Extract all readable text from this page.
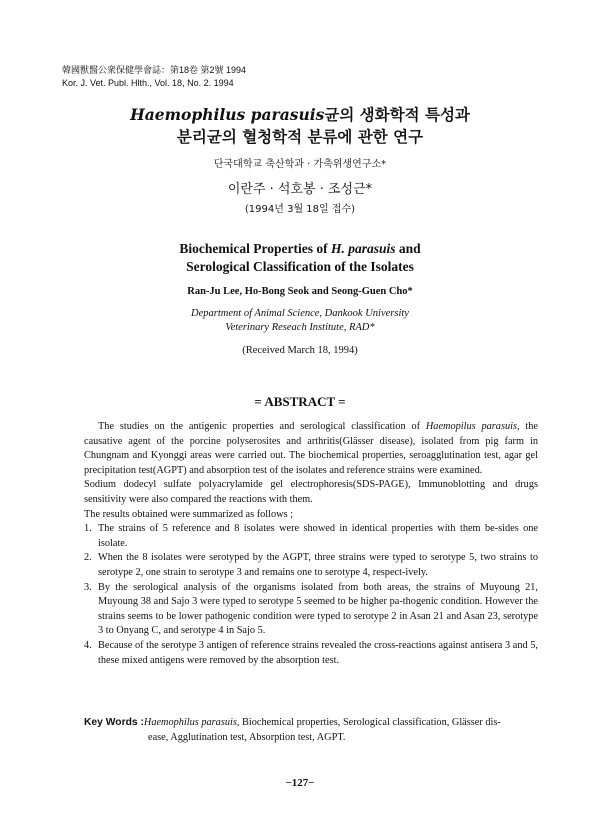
韓國獸醫公衆保健學會誌：第18卷 第2號 1994
Kor. J. Vet. Publ. Hlth., Vol. 18, No. 2. 1994
Haemophilus parasuis균의 생화학적 특성과
분리균의 혈청학적 분류에 관한 연구
단국대학교 축산학과 · 가축위생연구소*
이란주 · 석호봉 · 조성근*
(1994년 3월 18일 접수)
Biochemical Properties of H. parasuis and
Serological Classification of the Isolates
Ran-Ju Lee, Ho-Bong Seok and Seong-Guen Cho*
Department of Animal Science, Dankook University
Veterinary Reseach Institute, RAD*
(Received March 18, 1994)
= ABSTRACT =

The studies on the antigenic properties and serological classification of Haemopilus parasuis, the causative agent of the porcine polyserosites and arthritis(Glässer disease), isolated from pig farm in Chungnam and Kyonggi areas were carried out. The biochemical properties, seroagglutination test, agar gel precipitation test(AGPT) and absorption test of the isolates and reference strains were examined.

Sodium dodecyl sulfate polyacrylamide gel electrophoresis(SDS-PAGE), Immunoblotting and drugs sensitivity were also compared the reactions with them.

The results obtained were summarized as follows ;

1. The strains of 5 reference and 8 isolates were showed in identical properties with them be-sides one isolate.
2. When the 8 isolates were serotyped by the AGPT, three strains were typed to serotype 5, two strains to serotype 2, one strain to serotype 3 and remains one to serotype 4, respect-ively.
3. By the serological analysis of the organisms isolated from both areas, the strains of Muyoung 21, Muyoung 38 and Sajo 3 were typed to serotype 5 seemed to be higher pa-thogenic condition. However the strains seems to be lower pathogenic condition were typed to serotype 2 in Asan 21 and Asan 23, serotype 3 to Onyang C, and serotype 4 in Sajo 5.
4. Because of the serotype 3 antigen of reference strains revealed the cross-reactions against antisera 3 and 5, these mixed antigens were removed by the absorption test.
Key Words :Haemophilus parasuis, Biochemical properties, Serological classification, Glässer dis-
ease, Agglutination test, Absorption test, AGPT.
−127−
